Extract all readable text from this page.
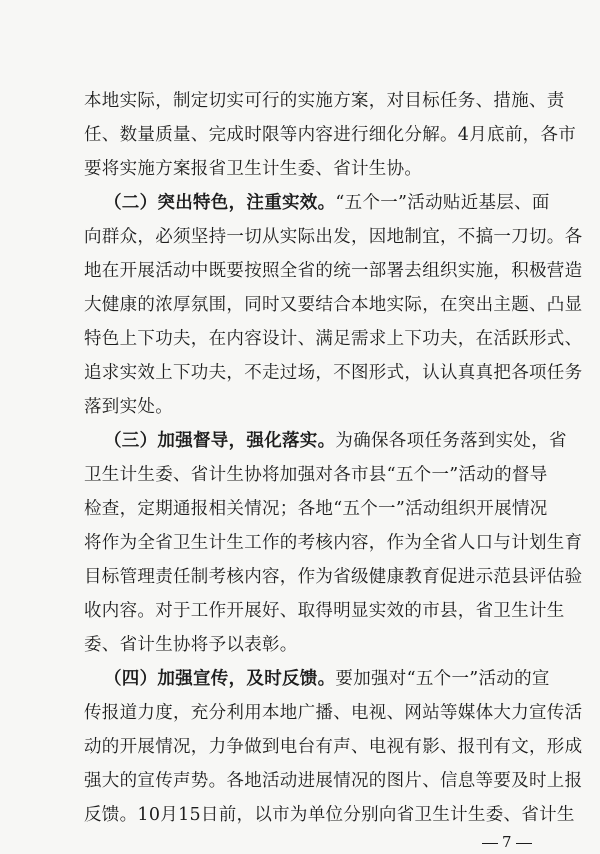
本地实际，制定切实可行的实施方案，对目标任务、措施、责
任、数量质量、完成时限等内容进行细化分解。4月底前，各市
要将实施方案报省卫生计生委、省计生协。
（二）突出特色，注重实效。“五个一”活动贴近基层、面
向群众，必须坚持一切从实际出发，因地制宜，不搞一刀切。各
地在开展活动中既要按照全省的统一部署去组织实施，积极营造
大健康的浓厚氛围，同时又要结合本地实际，在突出主题、凸显
特色上下功夫，在内容设计、满足需求上下功夫，在活跃形式、
追求实效上下功夫，不走过场，不图形式，认认真真把各项任务
落到实处。
（三）加强督导，强化落实。为确保各项任务落到实处，省
卫生计生委、省计生协将加强对各市县“五个一”活动的督导
检查，定期通报相关情况；各地“五个一”活动组织开展情况
将作为全省卫生计生工作的考核内容，作为全省人口与计划生育
目标管理责任制考核内容，作为省级健康教育促进示范县评估验
收内容。对于工作开展好、取得明显实效的市县，省卫生计生
委、省计生协将予以表彰。
（四）加强宣传，及时反馈。要加强对“五个一”活动的宣
传报道力度，充分利用本地广播、电视、网站等媒体大力宣传活
动的开展情况，力争做到电台有声、电视有影、报刊有文，形成
强大的宣传声势。各地活动进展情况的图片、信息等要及时上报
反馈。10月15日前，以市为单位分别向省卫生计生委、省计生
7
